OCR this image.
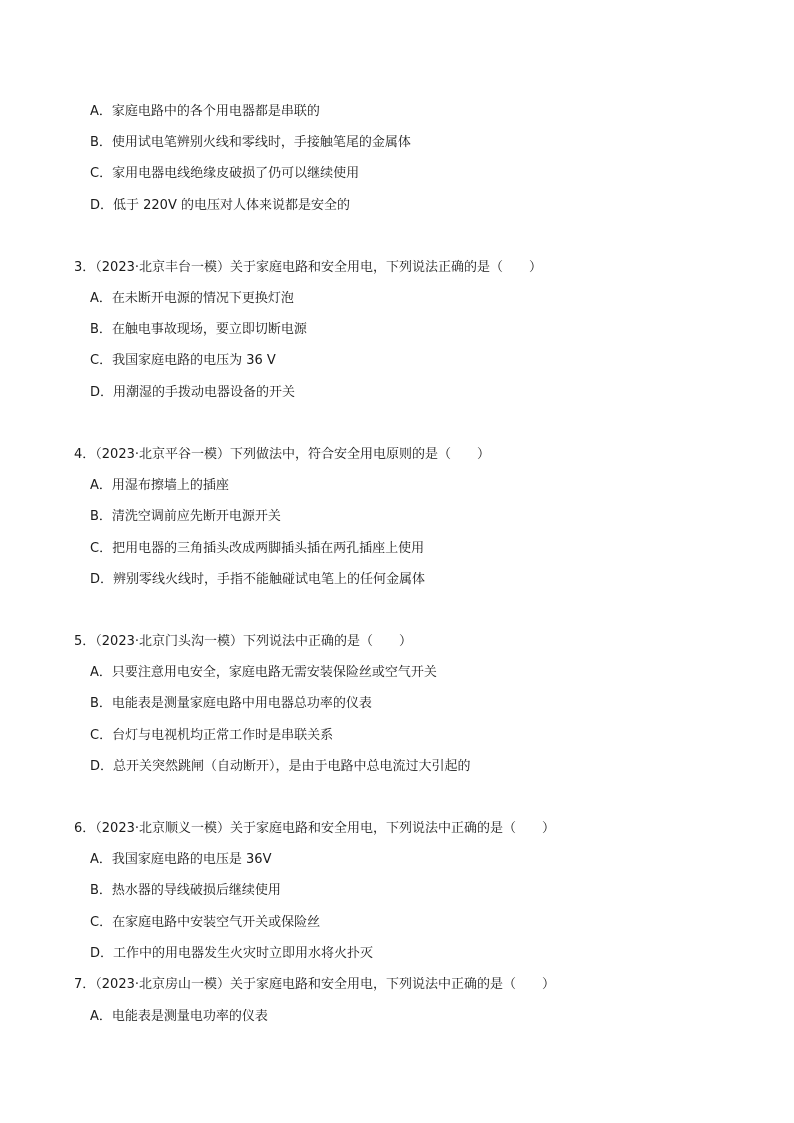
A．家庭电路中的各个用电器都是串联的
B．使用试电笔辨别火线和零线时，手接触笔尾的金属体
C．家用电器电线绝缘皮破损了仍可以继续使用
D．低于 220V 的电压对人体来说都是安全的
3．（2023·北京丰台一模）关于家庭电路和安全用电，下列说法正确的是（　　）
A．在未断开电源的情况下更换灯泡
B．在触电事故现场，要立即切断电源
C．我国家庭电路的电压为 36 V
D．用潮湿的手拨动电器设备的开关
4．（2023·北京平谷一模）下列做法中，符合安全用电原则的是（　　）
A．用湿布擦墙上的插座
B．清洗空调前应先断开电源开关
C．把用电器的三角插头改成两脚插头插在两孔插座上使用
D．辨别零线火线时，手指不能触碰试电笔上的任何金属体
5．（2023·北京门头沟一模）下列说法中正确的是（　　）
A．只要注意用电安全，家庭电路无需安装保险丝或空气开关
B．电能表是测量家庭电路中用电器总功率的仪表
C．台灯与电视机均正常工作时是串联关系
D．总开关突然跳闸（自动断开），是由于电路中总电流过大引起的
6．（2023·北京顺义一模）关于家庭电路和安全用电，下列说法中正确的是（　　）
A．我国家庭电路的电压是 36V
B．热水器的导线破损后继续使用
C．在家庭电路中安装空气开关或保险丝
D．工作中的用电器发生火灾时立即用水将火扑灭
7．（2023·北京房山一模）关于家庭电路和安全用电，下列说法中正确的是（　　）
A．电能表是测量电功率的仪表
